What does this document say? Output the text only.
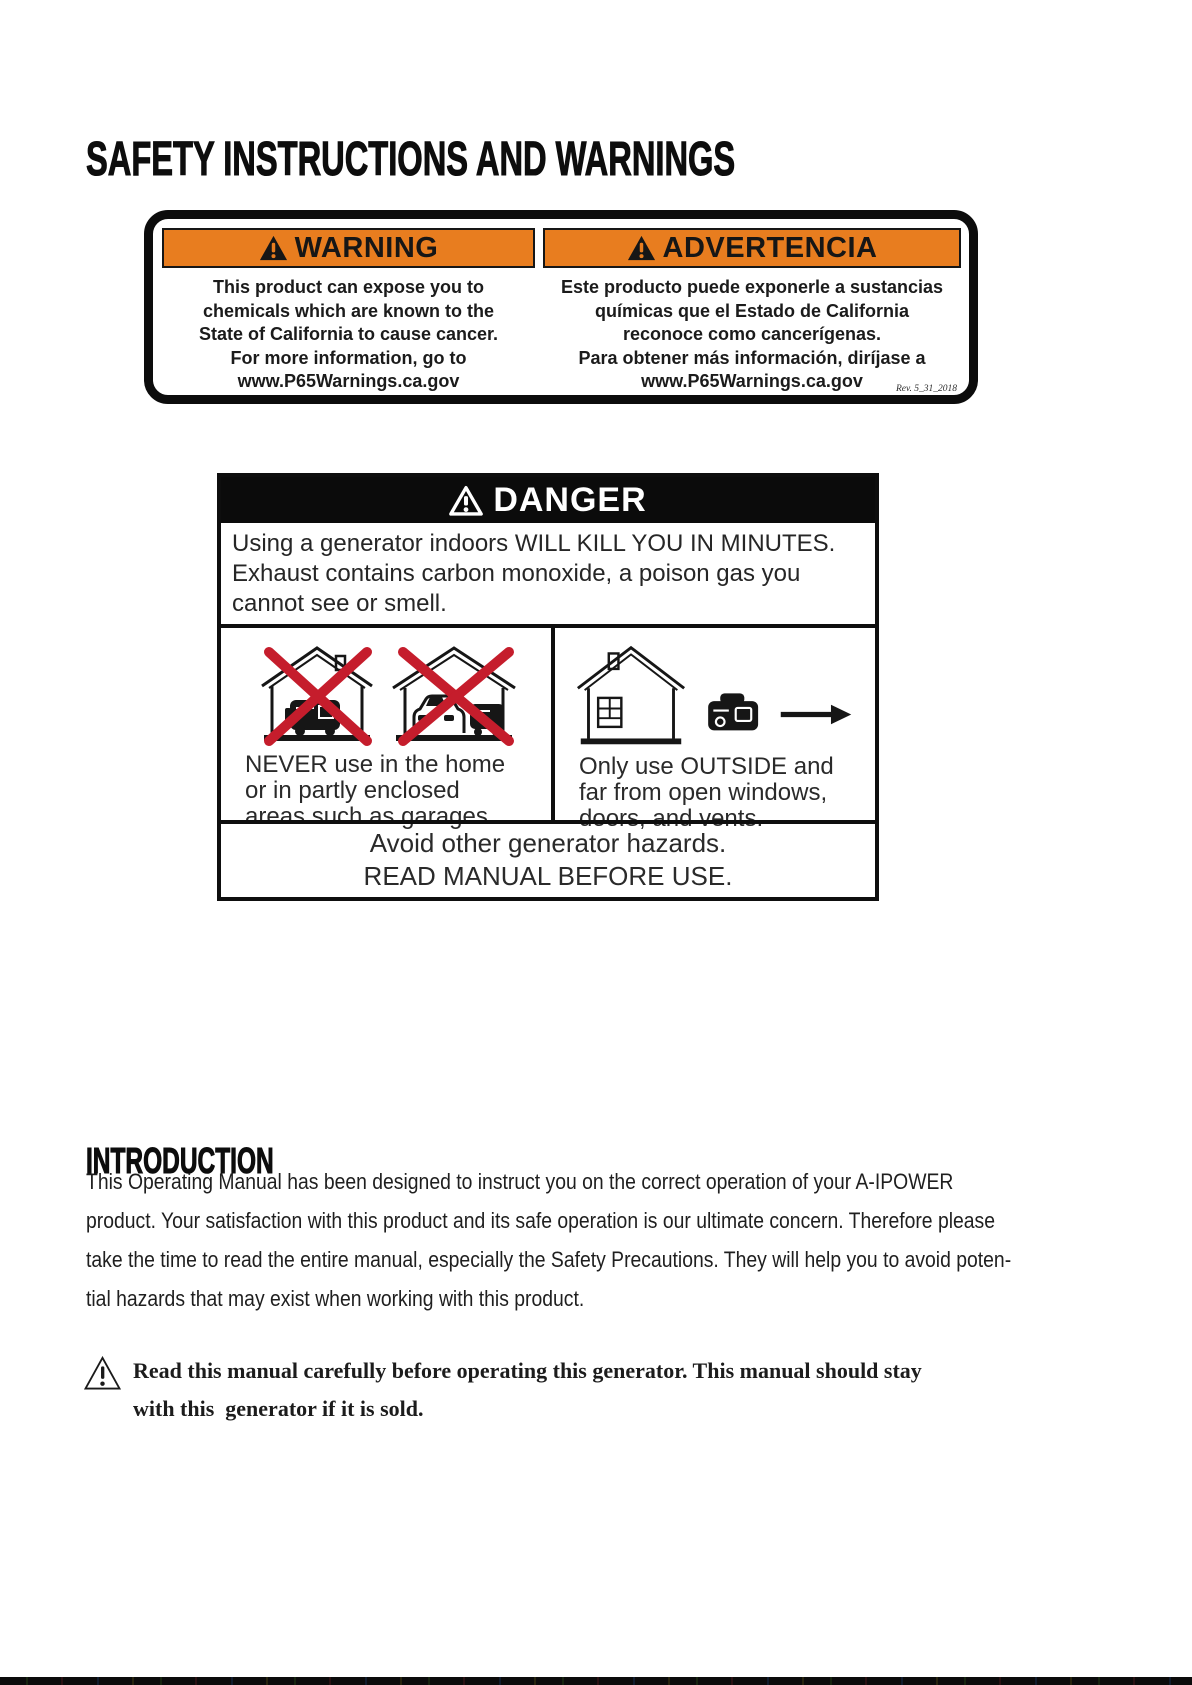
SAFETY INSTRUCTIONS AND WARNINGS
WARNING
This product can expose you to
chemicals which are known to the
State of California to cause cancer.
For more information, go to
www.P65Warnings.ca.gov
ADVERTENCIA
Este producto puede exponerle a sustancias
químicas que el Estado de California
reconoce como cancerígenas.
Para obtener más información, diríjase a
www.P65Warnings.ca.gov	Rev. 5_31_2018
DANGER
Using a generator indoors WILL KILL YOU IN MINUTES.
Exhaust contains carbon monoxide, a poison gas you
cannot see or smell.
NEVER use in the home
or in partly enclosed
areas such as garages.
Only use OUTSIDE and
far from open windows,
doors, and vents.
Avoid other generator hazards.
READ MANUAL BEFORE USE.
INTRODUCTION
This Operating Manual has been designed to instruct you on the correct operation of your A-IPOWER
product. Your satisfaction with this product and its safe operation is our ultimate concern. Therefore please
take the time to read the entire manual, especially the Safety Precautions. They will help you to avoid poten-
tial hazards that may exist when working with this product.
Read this manual carefully before operating this generator. This manual should stay
with this  generator if it is sold.
